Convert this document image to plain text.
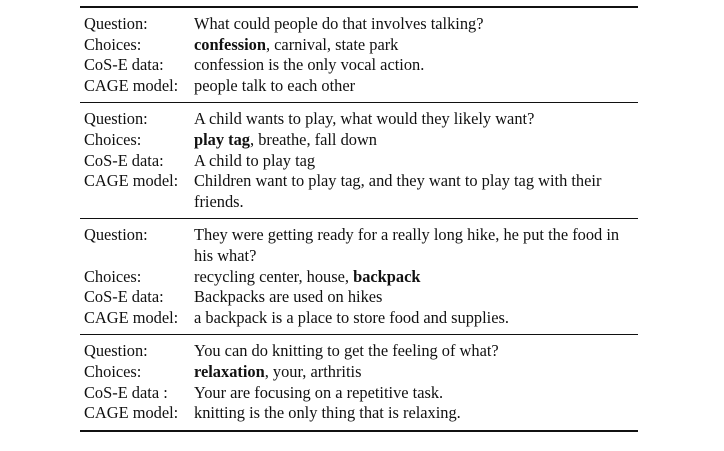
Question:	What could people do that involves talking?
Choices:	confession, carnival, state park
CoS-E data:	confession is the only vocal action.
CAGE model: people talk to each other
Question:	A child wants to play, what would they likely want?
Choices:	play tag, breathe, fall down
CoS-E data:	A child to play tag
CAGE model: Children want to play tag, and they want to play tag with their friends.
Question:	They were getting ready for a really long hike, he put the food in his what?
Choices:	recycling center, house, backpack
CoS-E data:	Backpacks are used on hikes
CAGE model: a backpack is a place to store food and supplies.
Question:	You can do knitting to get the feeling of what?
Choices:	relaxation, your, arthritis
CoS-E data :	Your are focusing on a repetitive task.
CAGE model: knitting is the only thing that is relaxing.
